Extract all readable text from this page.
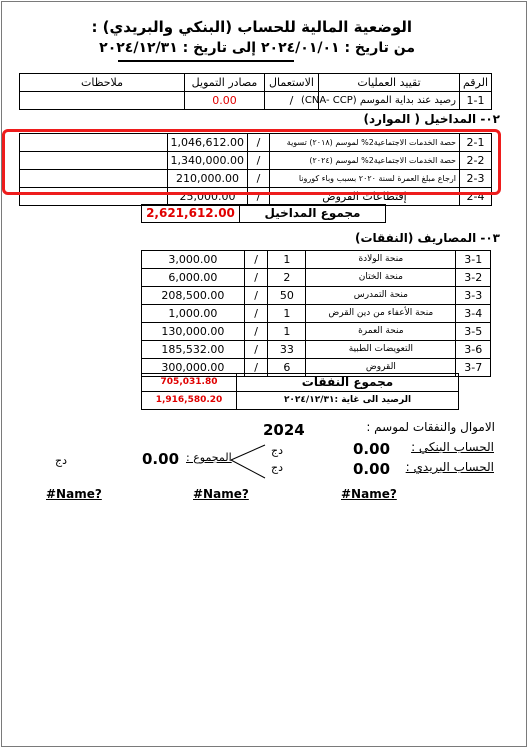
الوضعية المالية للحساب (البنكي والبريدي) :
من تاريخ : ٢٠٢٤/٠١/٠١ إلى تاريخ : ٢٠٢٤/١٢/٣١
الرقم	تقييد العمليات	الاستعمال	مصادر التمويل	ملاحظات
1-1	رصيد عند بداية الموسم (CNA- CCP)	/	0.00	
٠٢- المداخيل ( الموارد)
2-1	حصة الخدمات الاجتماعية2% لموسم (٢٠١٨) تسوية	/	1,046,612.00	
2-2	حصة الخدمات الاجتماعية2% لموسم (٢٠٢٤)	/	1,340,000.00	
2-3	ارجاع مبلغ العمرة لسنة ٢٠٢٠ بسبب وباء كورونا	/	210,000.00	
2-4	إقتطاعات القروض	/	25,000.00	
مجموع المداخيل	2,621,612.00
٠٣- المصاريف (النفقات)
3-1	منحة الولادة	1	/	3,000.00
3-2	منحة الختان	2	/	6,000.00
3-3	منحة التمدرس	50	/	208,500.00
3-4	منحة الأعفاء من دين القرض	1	/	1,000.00
3-5	منحة العمرة	1	/	130,000.00
3-6	التعويضات الطبية	33	/	185,532.00
3-7	القروض	6	/	300,000.00
مجموع النفقات	705,031.80
الرصيد الى غاية :٢٠٢٤/١٢/٣١	1,916,580.20
الاموال والنفقات لموسم :
2024
الحساب البنكي :
0.00
دج
الحساب البريدي :
0.00
دج
المجموع :
0.00
دج
#Name?	#Name?	#Name?
